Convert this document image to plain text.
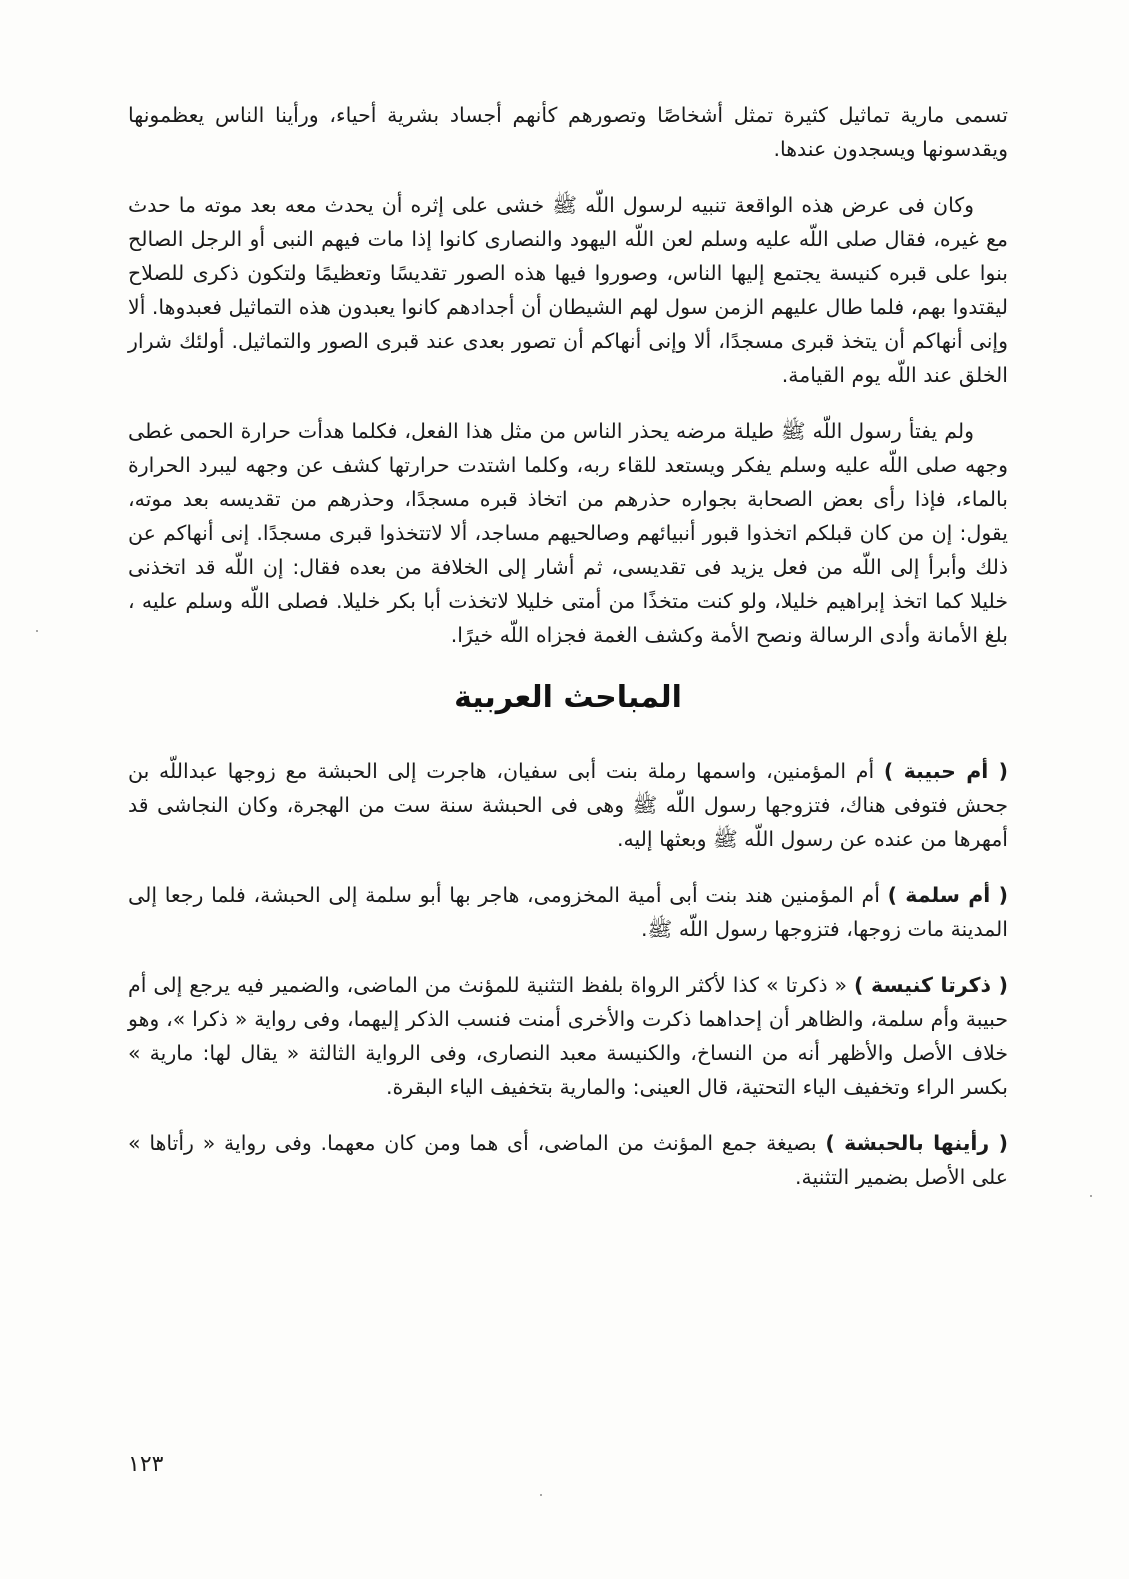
تسمى مارية تماثيل كثيرة تمثل أشخاصًا وتصورهم كأنهم أجساد بشرية أحياء، ورأينا الناس يعظمونها ويقدسونها ويسجدون عندها.

وكان فى عرض هذه الواقعة تنبيه لرسول اللّه ﷺ خشى على إثره أن يحدث معه بعد موته ما حدث مع غيره، فقال صلى اللّه عليه وسلم لعن اللّه اليهود والنصارى كانوا إذا مات فيهم النبى أو الرجل الصالح بنوا على قبره كنيسة يجتمع إليها الناس، وصوروا فيها هذه الصور تقديسًا وتعظيمًا ولتكون ذكرى للصلاح ليقتدوا بهم، فلما طال عليهم الزمن سول لهم الشيطان أن أجدادهم كانوا يعبدون هذه التماثيل فعبدوها. ألا وإنى أنهاكم أن يتخذ قبرى مسجدًا، ألا وإنى أنهاكم أن تصور بعدى عند قبرى الصور والتماثيل. أولئك شرار الخلق عند اللّه يوم القيامة.

ولم يفتأ رسول اللّه ﷺ طيلة مرضه يحذر الناس من مثل هذا الفعل، فكلما هدأت حرارة الحمى غطى وجهه صلى اللّه عليه وسلم يفكر ويستعد للقاء ربه، وكلما اشتدت حرارتها كشف عن وجهه ليبرد الحرارة بالماء، فإذا رأى بعض الصحابة بجواره حذرهم من اتخاذ قبره مسجدًا، وحذرهم من تقديسه بعد موته، يقول: إن من كان قبلكم اتخذوا قبور أنبيائهم وصالحيهم مساجد، ألا لاتتخذوا قبرى مسجدًا. إنى أنهاكم عن ذلك وأبرأ إلى اللّه من فعل يزيد فى تقديسى، ثم أشار إلى الخلافة من بعده فقال: إن اللّه قد اتخذنى خليلا كما اتخذ إبراهيم خليلا، ولو كنت متخذًا من أمتى خليلا لاتخذت أبا بكر خليلا. فصلى اللّه وسلم عليه ، بلغ الأمانة وأدى الرسالة ونصح الأمة وكشف الغمة فجزاه اللّه خيرًا.

المباحث العربية

( أم حبيبة ) أم المؤمنين، واسمها رملة بنت أبى سفيان، هاجرت إلى الحبشة مع زوجها عبداللّه بن جحش فتوفى هناك، فتزوجها رسول اللّه ﷺ وهى فى الحبشة سنة ست من الهجرة، وكان النجاشى قد أمهرها من عنده عن رسول اللّه ﷺ وبعثها إليه.

( أم سلمة ) أم المؤمنين هند بنت أبى أمية المخزومى، هاجر بها أبو سلمة إلى الحبشة، فلما رجعا إلى المدينة مات زوجها، فتزوجها رسول اللّه ﷺ.

( ذكرتا كنيسة ) « ذكرتا » كذا لأكثر الرواة بلفظ التثنية للمؤنث من الماضى، والضمير فيه يرجع إلى أم حبيبة وأم سلمة، والظاهر أن إحداهما ذكرت والأخرى أمنت فنسب الذكر إليهما، وفى رواية « ذكرا »، وهو خلاف الأصل والأظهر أنه من النساخ، والكنيسة معبد النصارى، وفى الرواية الثالثة « يقال لها: مارية » بكسر الراء وتخفيف الياء التحتية، قال العينى: والمارية بتخفيف الياء البقرة.

( رأينها بالحبشة ) بصيغة جمع المؤنث من الماضى، أى هما ومن كان معهما. وفى رواية « رأتاها » على الأصل بضمير التثنية.

١٢٣
